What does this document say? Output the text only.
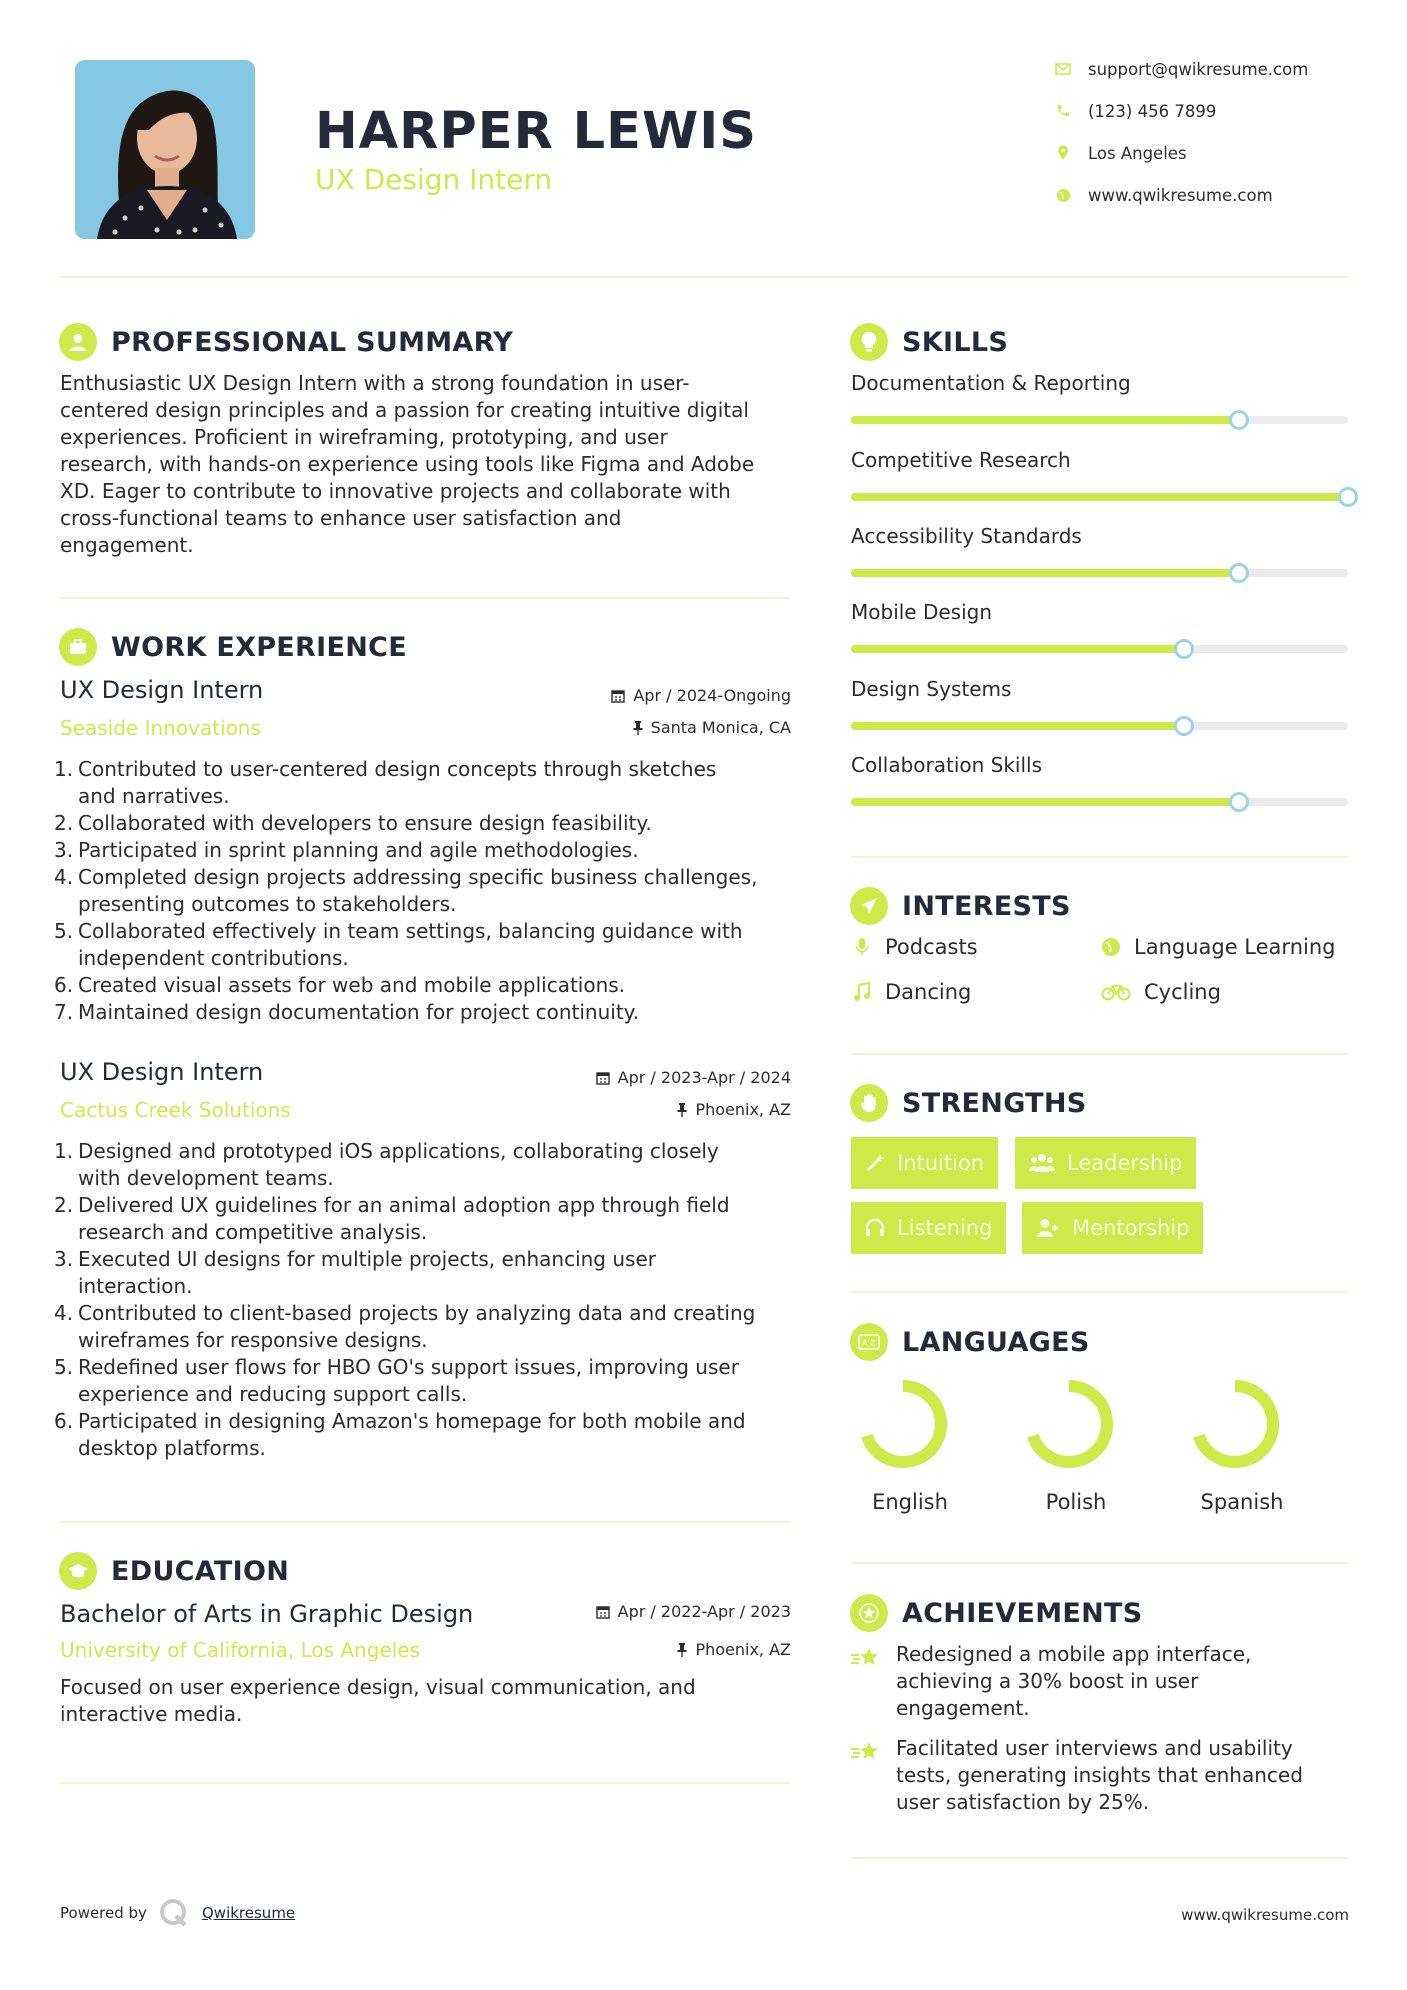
HARPER LEWIS
UX Design Intern
support@qwikresume.com
(123) 456 7899
Los Angeles
www.qwikresume.com
PROFESSIONAL SUMMARY
Enthusiastic UX Design Intern with a strong foundation in user-
centered design principles and a passion for creating intuitive digital
experiences. Proficient in wireframing, prototyping, and user
research, with hands-on experience using tools like Figma and Adobe
XD. Eager to contribute to innovative projects and collaborate with
cross-functional teams to enhance user satisfaction and
engagement.
WORK EXPERIENCE
UX Design Intern	Apr / 2024-Ongoing
Seaside Innovations	Santa Monica, CA
1. Contributed to user-centered design concepts through sketches
and narratives.
2. Collaborated with developers to ensure design feasibility.
3. Participated in sprint planning and agile methodologies.
4. Completed design projects addressing specific business challenges,
presenting outcomes to stakeholders.
5. Collaborated effectively in team settings, balancing guidance with
independent contributions.
6. Created visual assets for web and mobile applications.
7. Maintained design documentation for project continuity.
UX Design Intern	Apr / 2023-Apr / 2024
Cactus Creek Solutions	Phoenix, AZ
1. Designed and prototyped iOS applications, collaborating closely
with development teams.
2. Delivered UX guidelines for an animal adoption app through field
research and competitive analysis.
3. Executed UI designs for multiple projects, enhancing user
interaction.
4. Contributed to client-based projects by analyzing data and creating
wireframes for responsive designs.
5. Redefined user flows for HBO GO's support issues, improving user
experience and reducing support calls.
6. Participated in designing Amazon's homepage for both mobile and
desktop platforms.
EDUCATION
Bachelor of Arts in Graphic Design	Apr / 2022-Apr / 2023
University of California, Los Angeles	Phoenix, AZ
Focused on user experience design, visual communication, and
interactive media.
SKILLS
Documentation & Reporting
Competitive Research
Accessibility Standards
Mobile Design
Design Systems
Collaboration Skills
INTERESTS
Podcasts	Language Learning
Dancing	Cycling
STRENGTHS
Intuition	Leadership
Listening	Mentorship
A文 LANGUAGES
English	Polish	Spanish
ACHIEVEMENTS
Redesigned a mobile app interface,
achieving a 30% boost in user
engagement.
Facilitated user interviews and usability
tests, generating insights that enhanced
user satisfaction by 25%.
Powered by	Qwikresume	www.qwikresume.com
